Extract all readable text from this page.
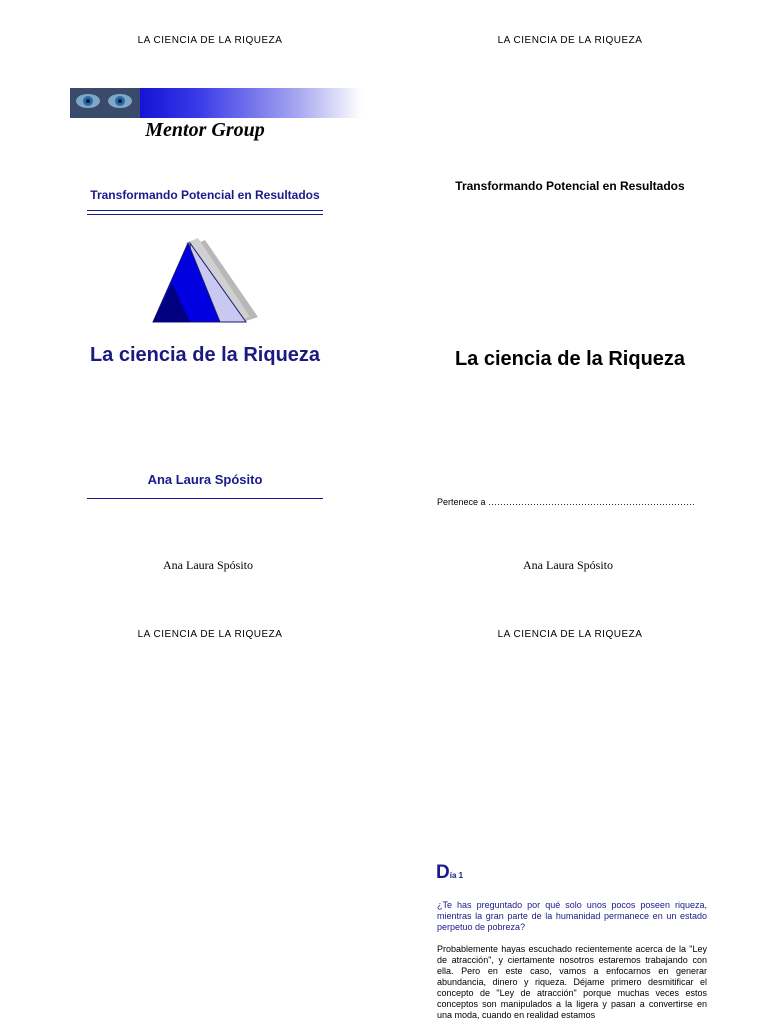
LA CIENCIA DE LA RIQUEZA	LA CIENCIA DE LA RIQUEZA
LA CIENCIA DE LA RIQUEZA	LA CIENCIA DE LA RIQUEZA
Mentor Group
Transformando Potencial en Resultados
La ciencia de la Riqueza
Ana Laura Spósito
Transformando Potencial en Resultados
La ciencia de la Riqueza
Pertenece a ……………………………………………………………
Ana Laura Spósito	Ana Laura Spósito
Día 1
¿Te has preguntado por qué solo unos pocos poseen riqueza, mientras la gran parte de la humanidad permanece en un estado perpetuo de pobreza?
Probablemente hayas escuchado recientemente acerca de la "Ley de atracción", y ciertamente nosotros estaremos trabajando con ella. Pero en este caso, vamos a enfocarnos en generar abundancia, dinero y riqueza. Déjame primero desmitificar el concepto de "Ley de atracción" porque muchas veces estos conceptos son manipulados a la ligera y pasan a convertirse en una moda, cuando en realidad estamos
